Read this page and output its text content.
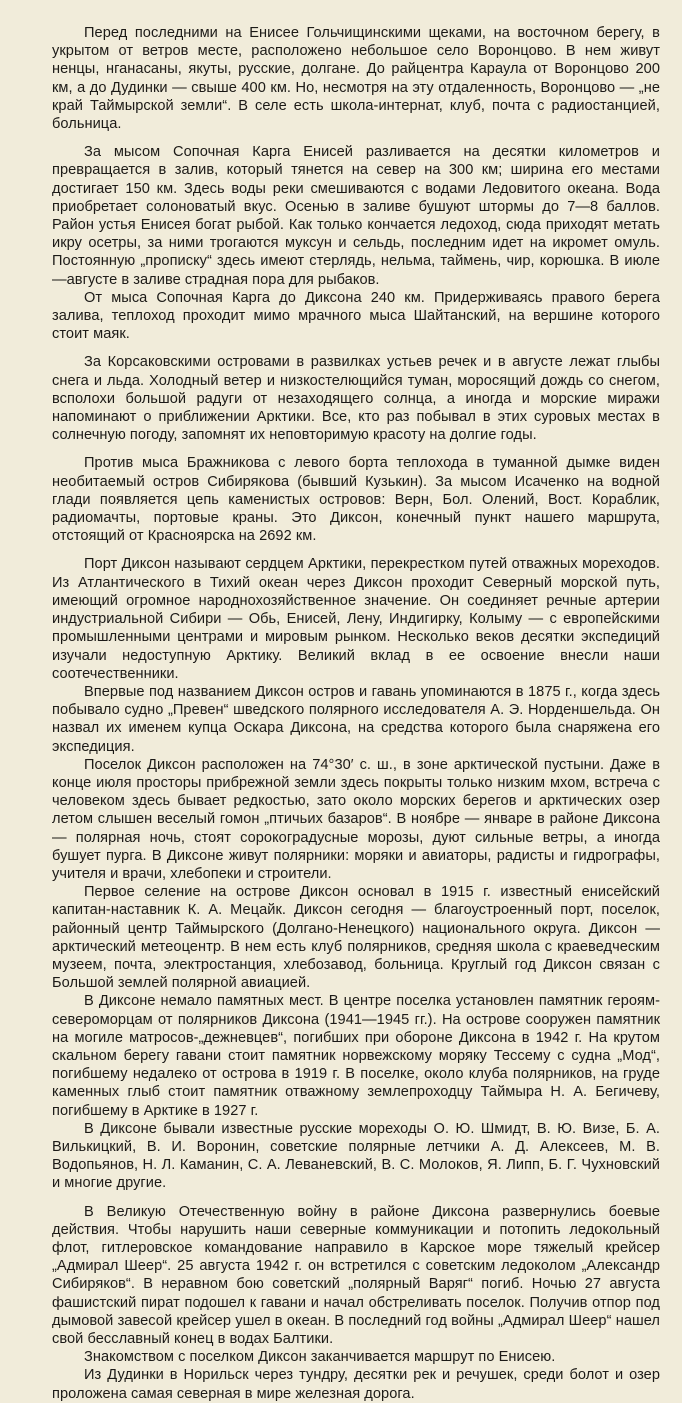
Перед последними на Енисее Гольчищинскими щеками, на восточном берегу, в укрытом от ветров месте, расположено небольшое село Воронцово. В нем живут ненцы, нганасаны, якуты, русские, долгане. До райцентра Караула от Воронцово 200 км, а до Дудинки — свыше 400 км. Но, несмотря на эту отдаленность, Воронцово — „не край Таймырской земли“. В селе есть школа-интернат, клуб, почта с радиостанцией, больница.

За мысом Сопочная Карга Енисей разливается на десятки километров и превращается в залив, который тянется на север на 300 км; ширина его местами достигает 150 км. Здесь воды реки смешиваются с водами Ледовитого океана. Вода приобретает солоноватый вкус. Осенью в заливе бушуют штормы до 7—8 баллов. Район устья Енисея богат рыбой. Как только кончается ледоход, сюда приходят метать икру осетры, за ними трогаются муксун и сельдь, последним идет на икромет омуль. Постоянную „прописку“ здесь имеют стерлядь, нельма, таймень, чир, корюшка. В июле—августе в заливе страдная пора для рыбаков.

От мыса Сопочная Карга до Диксона 240 км. Придерживаясь правого берега залива, теплоход проходит мимо мрачного мыса Шайтанский, на вершине которого стоит маяк.

За Корсаковскими островами в развилках устьев речек и в августе лежат глыбы снега и льда. Холодный ветер и низкостелющийся туман, моросящий дождь со снегом, всполохи большой радуги от незаходящего солнца, а иногда и морские миражи напоминают о приближении Арктики. Все, кто раз побывал в этих суровых местах в солнечную погоду, запомнят их неповторимую красоту на долгие годы.

Против мыса Бражникова с левого борта теплохода в туманной дымке виден необитаемый остров Сибирякова (бывший Кузькин). За мысом Исаченко на водной глади появляется цепь каменистых островов: Верн, Бол. Олений, Вост. Кораблик, радиомачты, портовые краны. Это Диксон, конечный пункт нашего маршрута, отстоящий от Красноярска на 2692 км.

Порт Диксон называют сердцем Арктики, перекрестком путей отважных мореходов. Из Атлантического в Тихий океан через Диксон проходит Северный морской путь, имеющий огромное народнохозяйственное значение. Он соединяет речные артерии индустриальной Сибири — Обь, Енисей, Лену, Индигирку, Колыму — с европейскими промышленными центрами и мировым рынком. Несколько веков десятки экспедиций изучали недоступную Арктику. Великий вклад в ее освоение внесли наши соотечественники.

Впервые под названием Диксон остров и гавань упоминаются в 1875 г., когда здесь побывало судно „Превен“ шведского полярного исследователя А. Э. Норденшельда. Он назвал их именем купца Оскара Диксона, на средства которого была снаряжена его экспедиция.

Поселок Диксон расположен на 74°30′ с. ш., в зоне арктической пустыни. Даже в конце июля просторы прибрежной земли здесь покрыты только низким мхом, встреча с человеком здесь бывает редкостью, зато около морских берегов и арктических озер летом слышен веселый гомон „птичьих базаров“. В ноябре — январе в районе Диксона — полярная ночь, стоят сорокоградусные морозы, дуют сильные ветры, а иногда бушует пурга. В Диксоне живут полярники: моряки и авиаторы, радисты и гидрографы, учителя и врачи, хлебопеки и строители.

Первое селение на острове Диксон основал в 1915 г. известный енисейский капитан-наставник К. А. Мецайк. Диксон сегодня — благоустроенный порт, поселок, районный центр Таймырского (Долгано-Ненецкого) национального округа. Диксон — арктический метеоцентр. В нем есть клуб полярников, средняя школа с краеведческим музеем, почта, электростанция, хлебозавод, больница. Круглый год Диксон связан с Большой землей полярной авиацией.

В Диксоне немало памятных мест. В центре поселка установлен памятник героям-североморцам от полярников Диксона (1941—1945 гг.). На острове сооружен памятник на могиле матросов-„дежневцев“, погибших при обороне Диксона в 1942 г. На крутом скальном берегу гавани стоит памятник норвежскому моряку Тессему с судна „Мод“, погибшему недалеко от острова в 1919 г. В поселке, около клуба полярников, на груде каменных глыб стоит памятник отважному землепроходцу Таймыра Н. А. Бегичеву, погибшему в Арктике в 1927 г.

В Диксоне бывали известные русские мореходы О. Ю. Шмидт, В. Ю. Визе, Б. А. Вилькицкий, В. И. Воронин, советские полярные летчики А. Д. Алексеев, М. В. Водопьянов, Н. Л. Каманин, С. А. Леваневский, В. С. Молоков, Я. Липп, Б. Г. Чухновский и многие другие.

В Великую Отечественную войну в районе Диксона развернулись боевые действия. Чтобы нарушить наши северные коммуникации и потопить ледокольный флот, гитлеровское командование направило в Карское море тяжелый крейсер „Адмирал Шеер“. 25 августа 1942 г. он встретился с советским ледоколом „Александр Сибиряков“. В неравном бою советский „полярный Варяг“ погиб. Ночью 27 августа фашистский пират подошел к гавани и начал обстреливать поселок. Получив отпор под дымовой завесой крейсер ушел в океан. В последний год войны „Адмирал Шеер“ нашел свой бесславный конец в водах Балтики.

Знакомством с поселком Диксон заканчивается маршрут по Енисею.

Из Дудинки в Норильск через тундру, десятки рек и речушек, среди болот и озер проложена самая северная в мире железная дорога.
